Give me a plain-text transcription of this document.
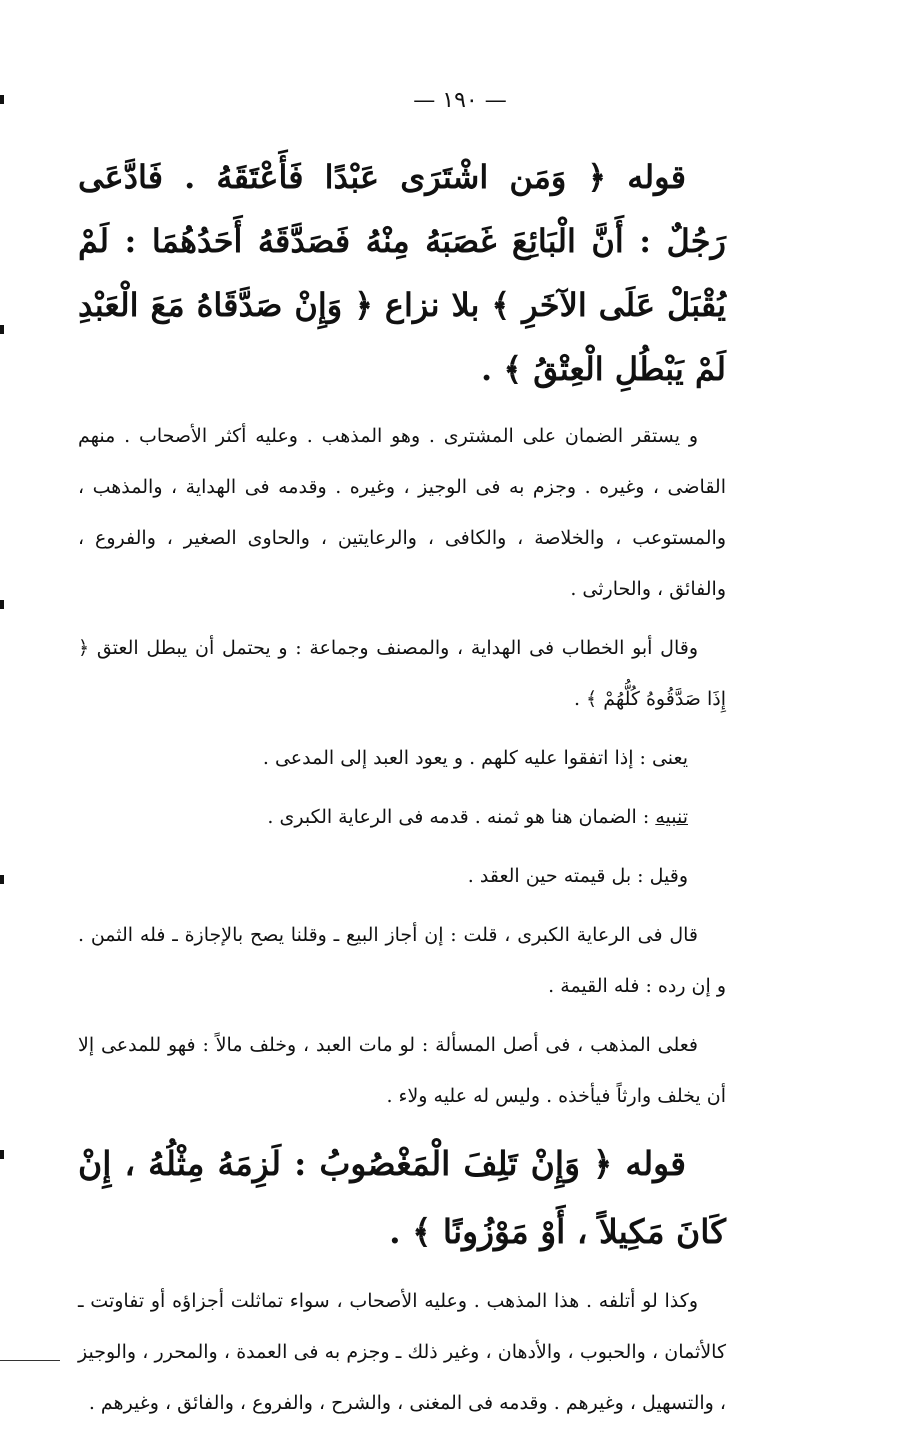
— ١٩٠ —

قوله ﴿ وَمَن اشْتَرَى عَبْدًا فَأَعْتَقَهُ . فَادَّعَى رَجُلٌ : أَنَّ الْبَائِعَ غَصَبَهُ مِنْهُ فَصَدَّقَهُ أَحَدُهُمَا : لَمْ يُقْبَلْ عَلَى الآخَرِ ﴾ بلا نزاع ﴿ وَإِنْ صَدَّقَاهُ مَعَ الْعَبْدِ لَمْ يَبْطُلِ الْعِتْقُ ﴾ .

و يستقر الضمان على المشترى . وهو المذهب . وعليه أكثر الأصحاب . منهم القاضى ، وغيره . وجزم به فى الوجيز ، وغيره . وقدمه فى الهداية ، والمذهب ، والمستوعب ، والخلاصة ، والكافى ، والرعايتين ، والحاوى الصغير ، والفروع ، والفائق ، والحارثى .

وقال أبو الخطاب فى الهداية ، والمصنف وجماعة : و يحتمل أن يبطل العتق ﴿ إِذَا صَدَّقُوهُ كُلُّهُمْ ﴾ .

يعنى : إذا اتفقوا عليه كلهم . و يعود العبد إلى المدعى .

تنبيه : الضمان هنا هو ثمنه . قدمه فى الرعاية الكبرى .

وقيل : بل قيمته حين العقد .

قال فى الرعاية الكبرى ، قلت : إن أجاز البيع ـ وقلنا يصح بالإجازة ـ فله الثمن . و إن رده : فله القيمة .

فعلى المذهب ، فى أصل المسألة : لو مات العبد ، وخلف مالاً : فهو للمدعى إلا أن يخلف وارثاً فيأخذه . وليس له عليه ولاء .

قوله ﴿ وَإِنْ تَلِفَ الْمَغْصُوبُ : لَزِمَهُ مِثْلُهُ ، إِنْ كَانَ مَكِيلاً ، أَوْ مَوْزُونًا ﴾ .

وكذا لو أتلفه . هذا المذهب . وعليه الأصحاب ، سواء تماثلت أجزاؤه أو تفاوتت ـ كالأثمان ، والحبوب ، والأدهان ، وغير ذلك ـ وجزم به فى العمدة ، والمحرر ، والوجيز ، والتسهيل ، وغيرهم . وقدمه فى المغنى ، والشرح ، والفروع ، والفائق ، وغيرهم .
